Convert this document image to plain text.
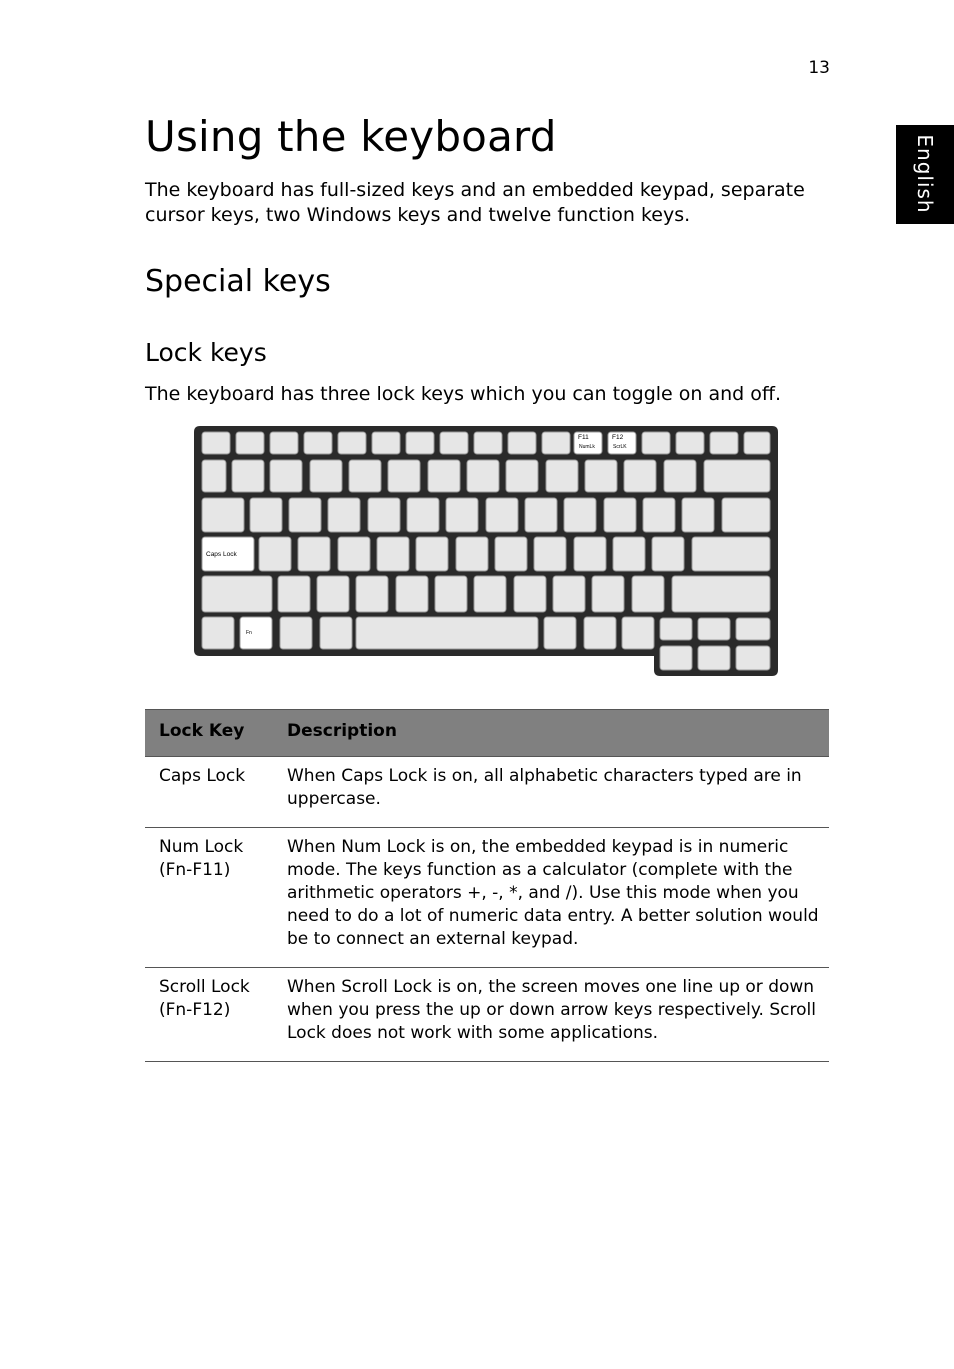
13
English
Using the keyboard

The keyboard has full-sized keys and an embedded keypad, separate cursor keys, two Windows keys and twelve function keys.

Special keys
Lock keys

The keyboard has three lock keys which you can toggle on and off.

F11
NumLk
F12
ScrLK
Caps Lock
Fn
Lock Key	Description
Caps Lock	When Caps Lock is on, all alphabetic characters typed are in uppercase.
Num Lock
(Fn-F11)	When Num Lock is on, the embedded keypad is in numeric mode. The keys function as a calculator (complete with the arithmetic operators +, -, *, and /). Use this mode when you need to do a lot of numeric data entry. A better solution would be to connect an external keypad.
Scroll Lock
(Fn-F12)	When Scroll Lock is on, the screen moves one line up or down when you press the up or down arrow keys respectively. Scroll Lock does not work with some applications.
